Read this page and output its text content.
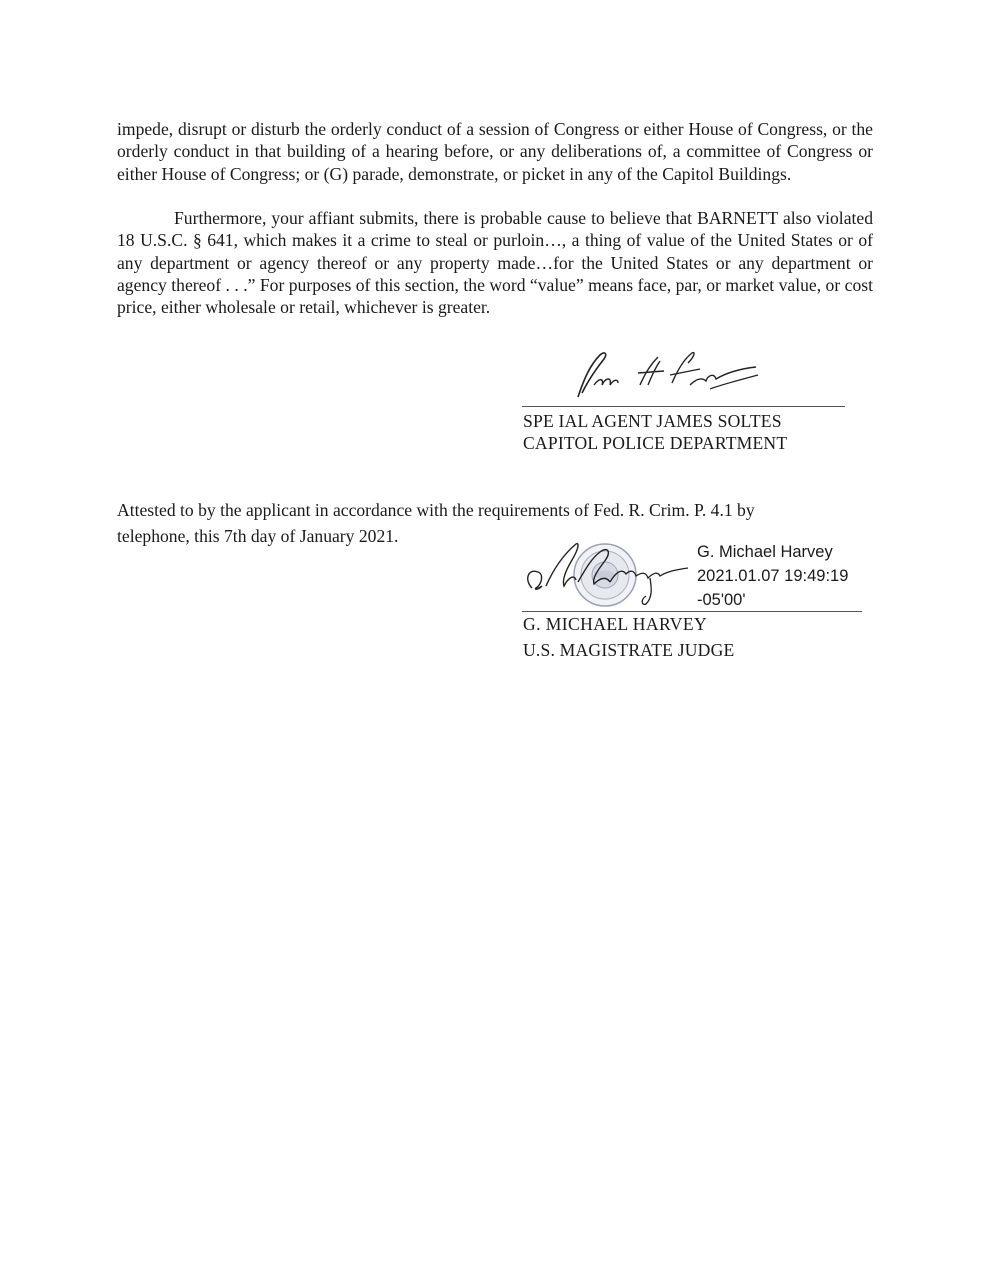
impede, disrupt or disturb the orderly conduct of a session of Congress or either House of Congress, or the orderly conduct in that building of a hearing before, or any deliberations of, a committee of Congress or either House of Congress; or (G) parade, demonstrate, or picket in any of the Capitol Buildings.
Furthermore, your affiant submits, there is probable cause to believe that BARNETT also violated 18 U.S.C. § 641, which makes it a crime to steal or purloin…, a thing of value of the United States or of any department or agency thereof or any property made…for the United States or any department or agency thereof . . .” For purposes of this section, the word “value” means face, par, or market value, or cost price, either wholesale or retail, whichever is greater.
SPE IAL AGENT JAMES SOLTES
CAPITOL POLICE DEPARTMENT
Attested to by the applicant in accordance with the requirements of Fed. R. Crim. P. 4.1 by
telephone, this 7th day of January 2021.
G. Michael Harvey
2021.01.07 19:49:19
-05'00'
G. MICHAEL HARVEY
U.S. MAGISTRATE JUDGE
